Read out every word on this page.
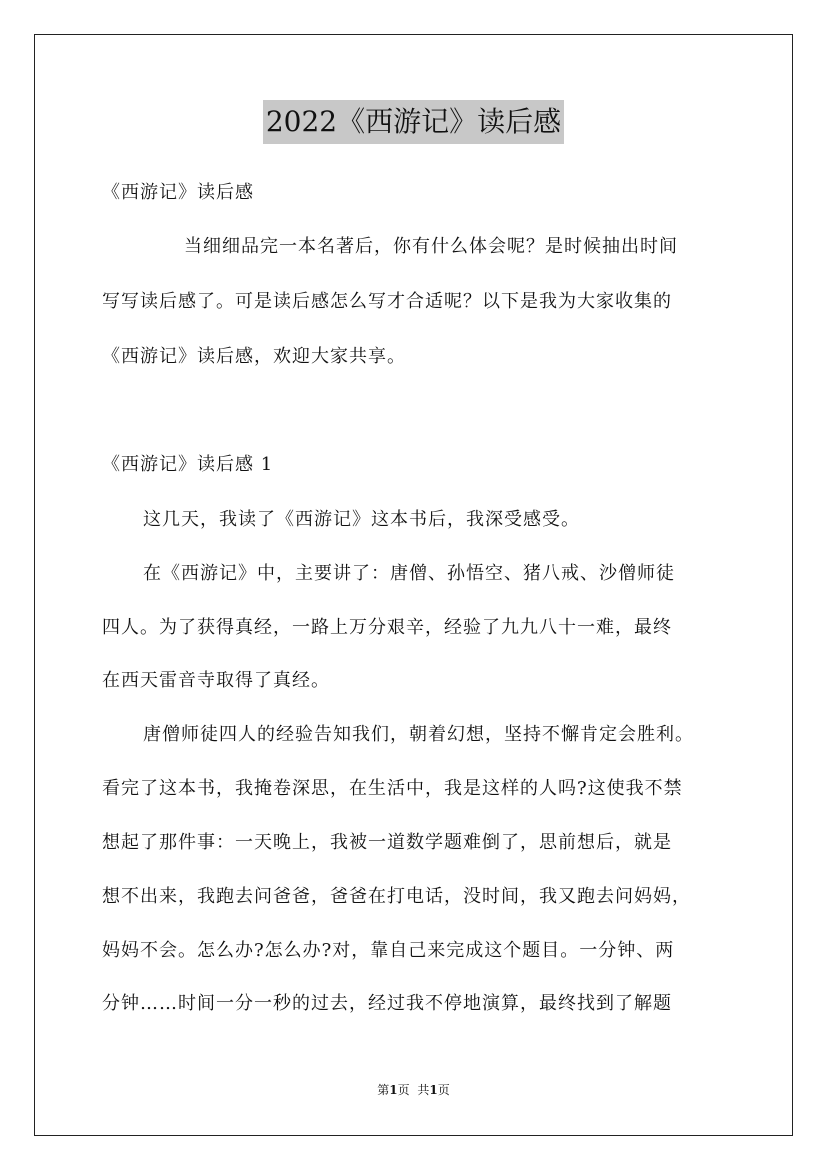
2022《西游记》读后感
《西游记》读后感
当细细品完一本名著后，你有什么体会呢？是时候抽出时间
写写读后感了。可是读后感怎么写才合适呢？以下是我为大家收集的
《西游记》读后感，欢迎大家共享。
《西游记》读后感 1
这几天，我读了《西游记》这本书后，我深受感受。
在《西游记》中，主要讲了：唐僧、孙悟空、猪八戒、沙僧师徒
四人。为了获得真经，一路上万分艰辛，经验了九九八十一难，最终
在西天雷音寺取得了真经。
唐僧师徒四人的经验告知我们，朝着幻想，坚持不懈肯定会胜利。
看完了这本书，我掩卷深思，在生活中，我是这样的人吗?这使我不禁
想起了那件事：一天晚上，我被一道数学题难倒了，思前想后，就是
想不出来，我跑去问爸爸，爸爸在打电话，没时间，我又跑去问妈妈，
妈妈不会。怎么办?怎么办?对，靠自己来完成这个题目。一分钟、两
分钟……时间一分一秒的过去，经过我不停地演算，最终找到了解题
第1页 共1页
